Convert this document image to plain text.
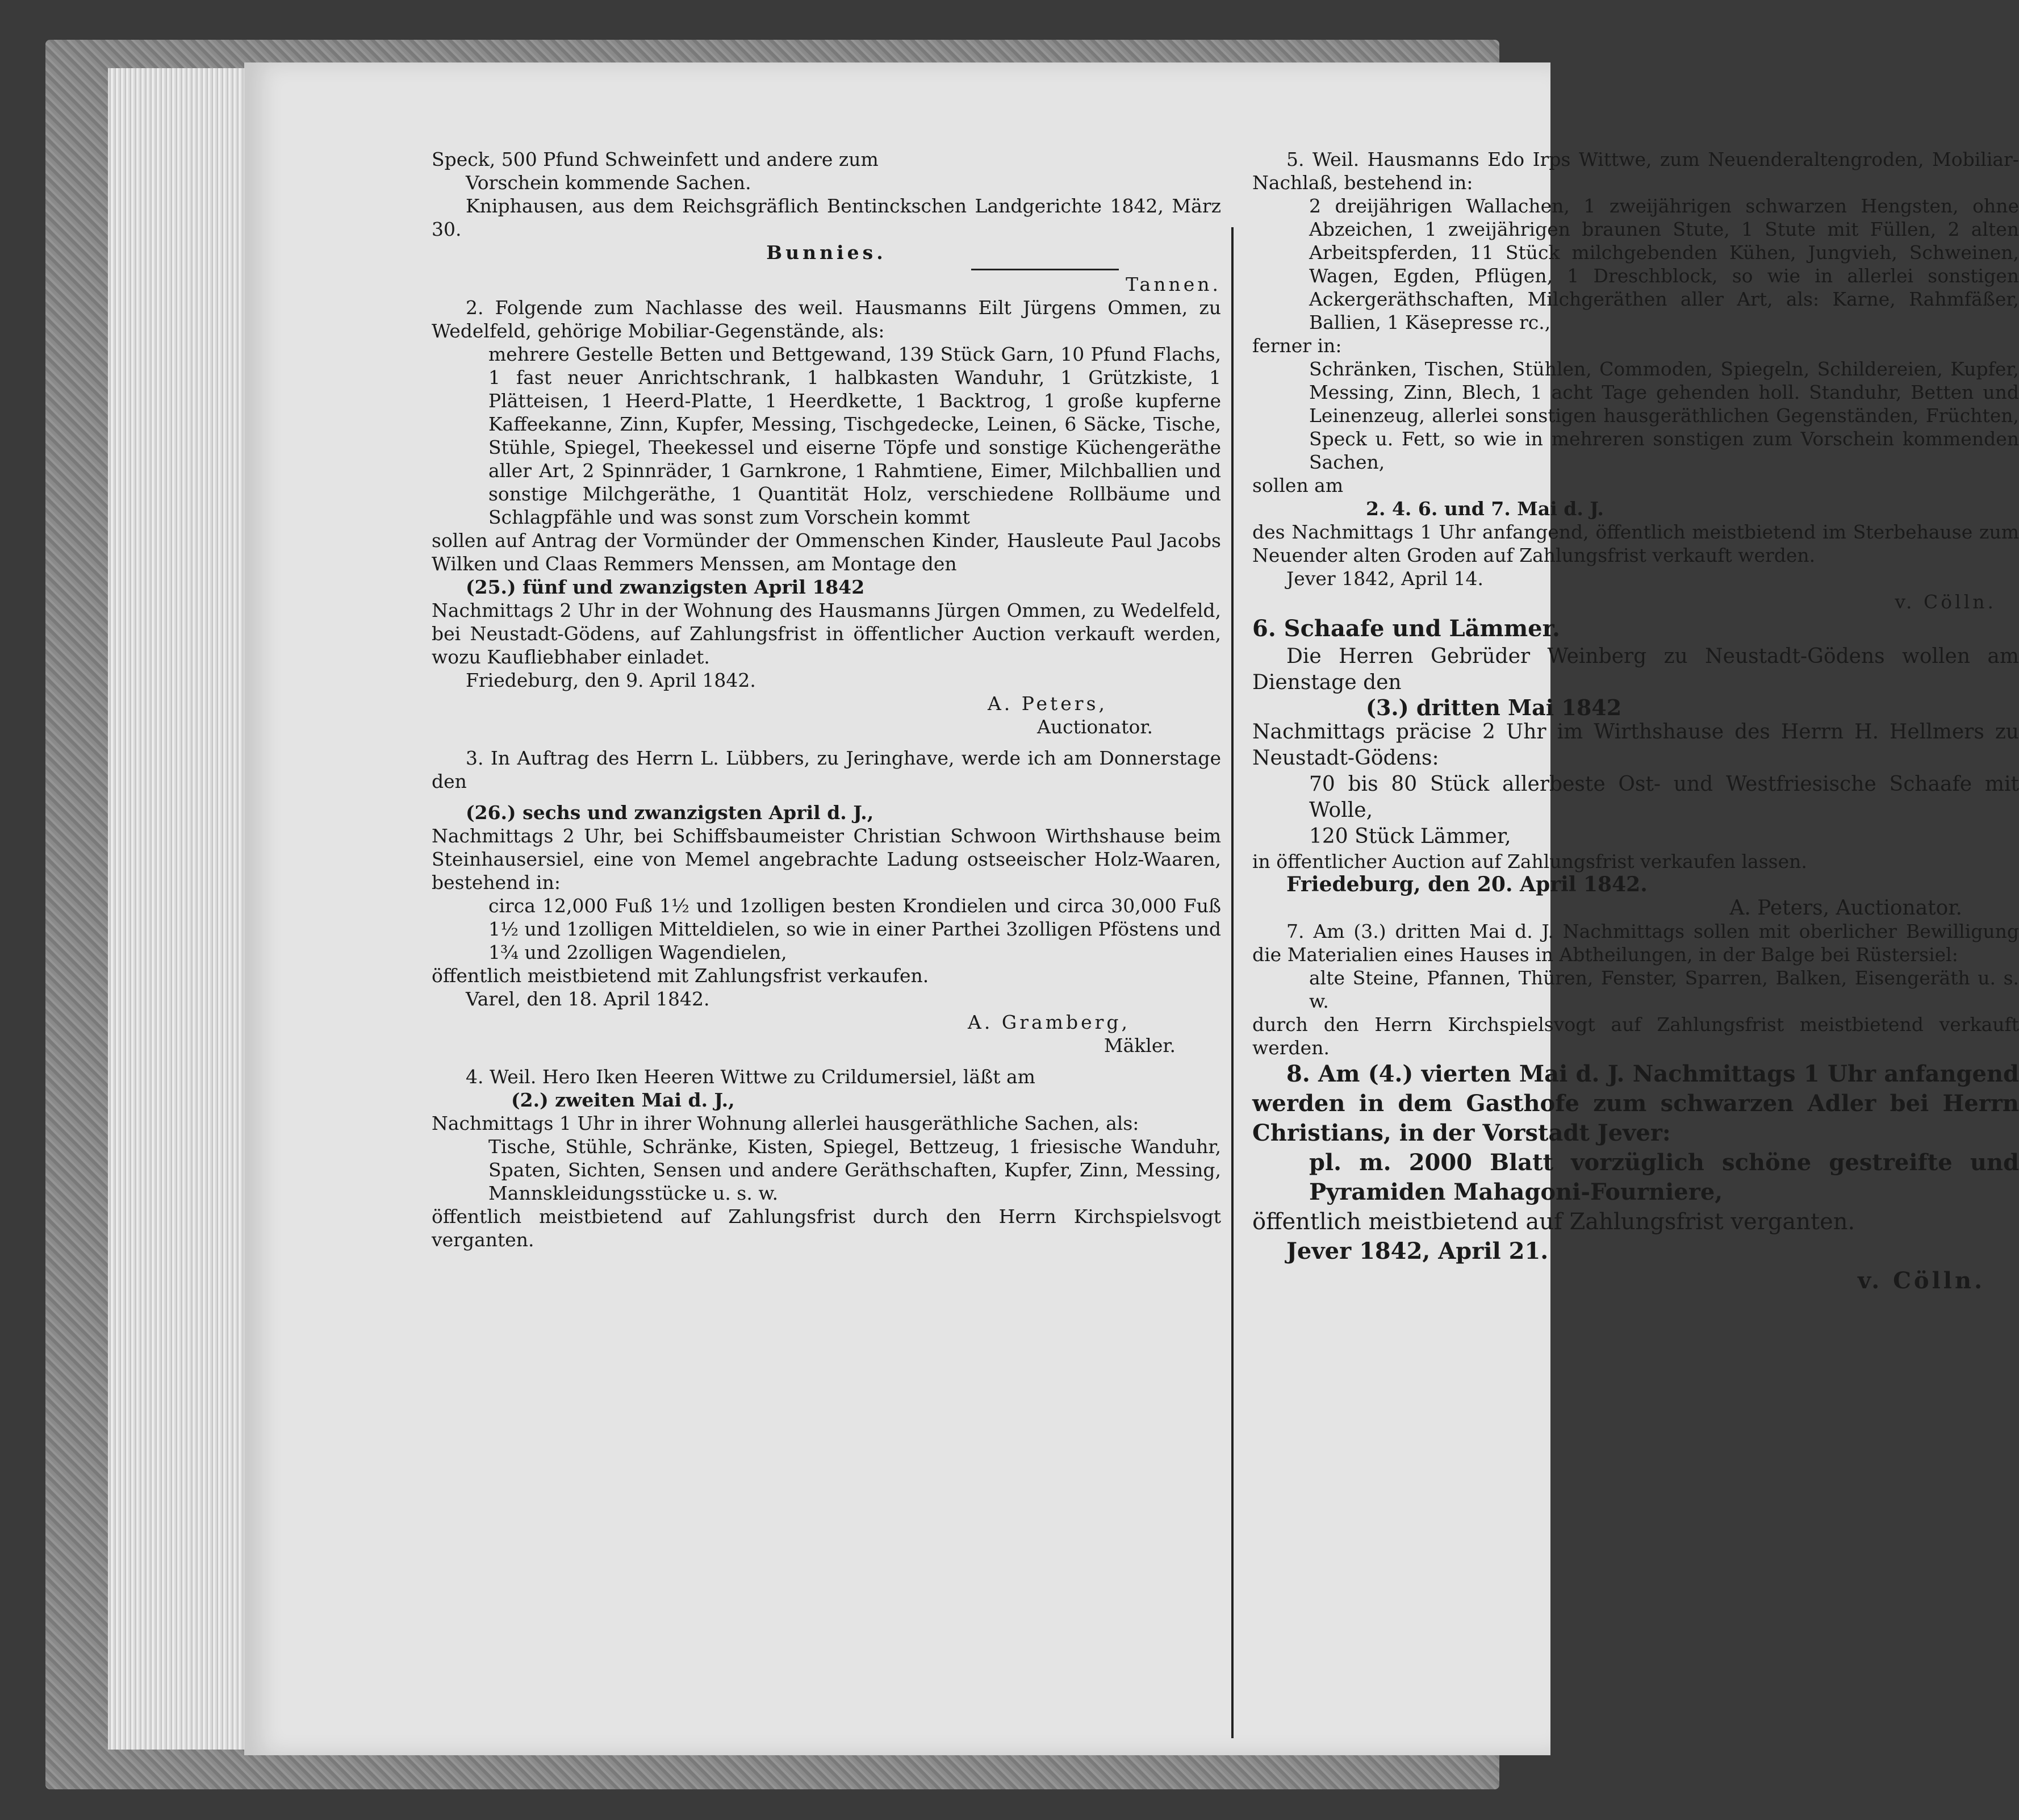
Speck, 500 Pfund Schweinfett und andere zum

Vorschein kommende Sachen.

Kniphausen, aus dem Reichsgräflich Bentinckschen Landgerichte 1842, März 30.

Bunnies.

Tannen.

2. Folgende zum Nachlasse des weil. Hausmanns Eilt Jürgens Ommen, zu Wedelfeld, gehörige Mobiliar-Gegenstände, als:

mehrere Gestelle Betten und Bettgewand, 139 Stück Garn, 10 Pfund Flachs, 1 fast neuer Anrichtschrank, 1 halbkasten Wanduhr, 1 Grützkiste, 1 Plätteisen, 1 Heerd-Platte, 1 Heerdkette, 1 Backtrog, 1 große kupferne Kaffeekanne, Zinn, Kupfer, Messing, Tischgedecke, Leinen, 6 Säcke, Tische, Stühle, Spiegel, Theekessel und eiserne Töpfe und sonstige Küchengeräthe aller Art, 2 Spinnräder, 1 Garnkrone, 1 Rahmtiene, Eimer, Milchballien und sonstige Milchgeräthe, 1 Quantität Holz, verschiedene Rollbäume und Schlagpfähle und was sonst zum Vorschein kommt

sollen auf Antrag der Vormünder der Ommenschen Kinder, Hausleute Paul Jacobs Wilken und Claas Remmers Menssen, am Montage den

(25.) fünf und zwanzigsten April 1842

Nachmittags 2 Uhr in der Wohnung des Hausmanns Jürgen Ommen, zu Wedelfeld, bei Neustadt-Gödens, auf Zahlungsfrist in öffentlicher Auction verkauft werden, wozu Kaufliebhaber einladet.

Friedeburg, den 9. April 1842.

A. Peters,

Auctionator.

3. In Auftrag des Herrn L. Lübbers, zu Jeringhave, werde ich am Donnerstage den

(26.) sechs und zwanzigsten April d. J.,

Nachmittags 2 Uhr, bei Schiffsbaumeister Christian Schwoon Wirthshause beim Steinhausersiel, eine von Memel angebrachte Ladung ostseeischer Holz-Waaren, bestehend in:

circa 12,000 Fuß 1½ und 1zolligen besten Krondielen und circa 30,000 Fuß 1½ und 1zolligen Mitteldielen, so wie in einer Parthei 3zolligen Pföstens und 1¾ und 2zolligen Wagendielen,

öffentlich meistbietend mit Zahlungsfrist verkaufen.

Varel, den 18. April 1842.

A. Gramberg,

Mäkler.

4. Weil. Hero Iken Heeren Wittwe zu Crildumersiel, läßt am

(2.) zweiten Mai d. J.,

Nachmittags 1 Uhr in ihrer Wohnung allerlei hausgeräthliche Sachen, als:

Tische, Stühle, Schränke, Kisten, Spiegel, Bettzeug, 1 friesische Wanduhr, Spaten, Sichten, Sensen und andere Geräthschaften, Kupfer, Zinn, Messing, Mannskleidungsstücke u. s. w.

öffentlich meistbietend auf Zahlungsfrist durch den Herrn Kirchspielsvogt verganten.

5. Weil. Hausmanns Edo Irps Wittwe, zum Neuenderaltengroden, Mobiliar-Nachlaß, bestehend in:

2 dreijährigen Wallachen, 1 zweijährigen schwarzen Hengsten, ohne Abzeichen, 1 zweijährigen braunen Stute, 1 Stute mit Füllen, 2 alten Arbeitspferden, 11 Stück milchgebenden Kühen, Jungvieh, Schweinen, Wagen, Egden, Pflügen, 1 Dreschblock, so wie in allerlei sonstigen Ackergeräthschaften, Milchgeräthen aller Art, als: Karne, Rahmfäßer, Ballien, 1 Käsepresse rc.,

ferner in:

Schränken, Tischen, Stühlen, Commoden, Spiegeln, Schildereien, Kupfer, Messing, Zinn, Blech, 1 acht Tage gehenden holl. Standuhr, Betten und Leinenzeug, allerlei sonstigen hausgeräthlichen Gegenständen, Früchten, Speck u. Fett, so wie in mehreren sonstigen zum Vorschein kommenden Sachen,

sollen am

2. 4. 6. und 7. Mai d. J.

des Nachmittags 1 Uhr anfangend, öffentlich meistbietend im Sterbehause zum Neuender alten Groden auf Zahlungsfrist verkauft werden.

Jever 1842, April 14.

v. Cölln.

6. Schaafe und Lämmer.

Die Herren Gebrüder Weinberg zu Neustadt-Gödens wollen am Dienstage den

(3.) dritten Mai 1842

Nachmittags präcise 2 Uhr im Wirthshause des Herrn H. Hellmers zu Neustadt-Gödens:

70 bis 80 Stück allerbeste Ost- und Westfriesische Schaafe mit Wolle,

120 Stück Lämmer,

in öffentlicher Auction auf Zahlungsfrist verkaufen lassen.

Friedeburg, den 20. April 1842.

A. Peters, Auctionator.

7. Am (3.) dritten Mai d. J. Nachmittags sollen mit oberlicher Bewilligung die Materialien eines Hauses in Abtheilungen, in der Balge bei Rüstersiel:

alte Steine, Pfannen, Thüren, Fenster, Sparren, Balken, Eisengeräth u. s. w.

durch den Herrn Kirchspielsvogt auf Zahlungsfrist meistbietend verkauft werden.

8. Am (4.) vierten Mai d. J. Nachmittags 1 Uhr anfangend werden in dem Gasthofe zum schwarzen Adler bei Herrn Christians, in der Vorstadt Jever:

pl. m. 2000 Blatt vorzüglich schöne gestreifte und Pyramiden Mahagoni-Fourniere,

öffentlich meistbietend auf Zahlungsfrist verganten.

Jever 1842, April 21.

v. Cölln.
